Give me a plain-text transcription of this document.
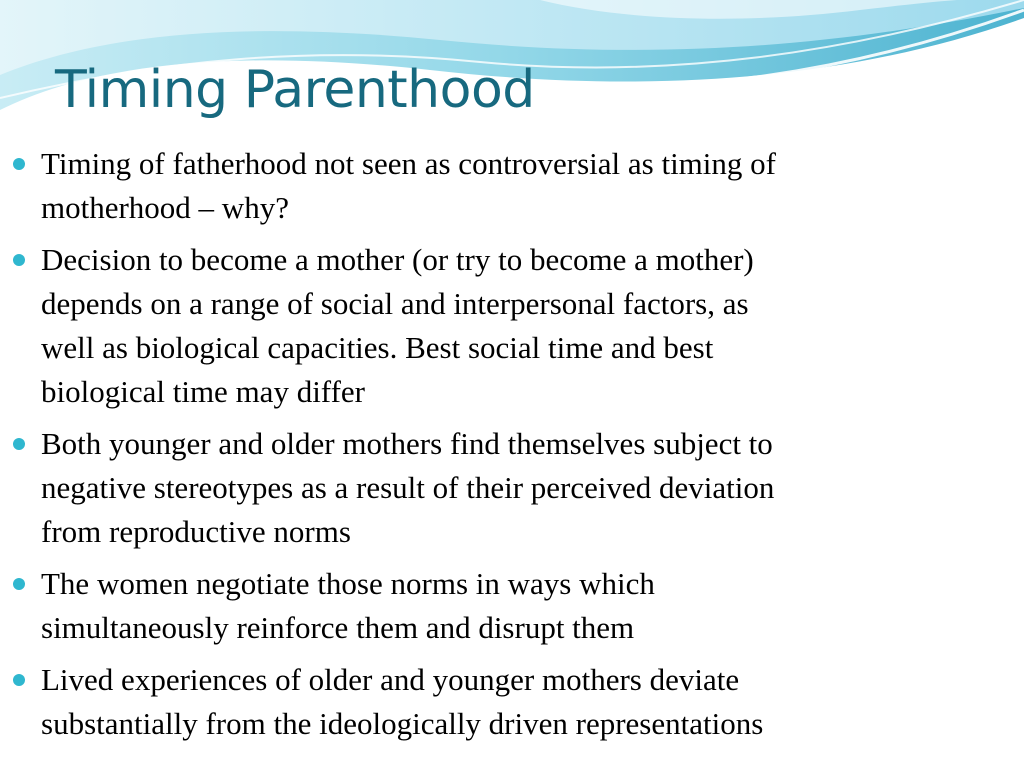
Timing Parenthood
Timing of fatherhood not seen as controversial as timing of
motherhood – why?
Decision to become a mother (or try to become a mother)
depends on a range of social and interpersonal factors, as
well as biological capacities. Best social time and best
biological time may differ
Both younger and older mothers find themselves subject to
negative stereotypes as a result of their perceived deviation
from reproductive norms
The women negotiate those norms in ways which
simultaneously reinforce them and disrupt them
Lived experiences of older and younger mothers deviate
substantially from the ideologically driven representations
